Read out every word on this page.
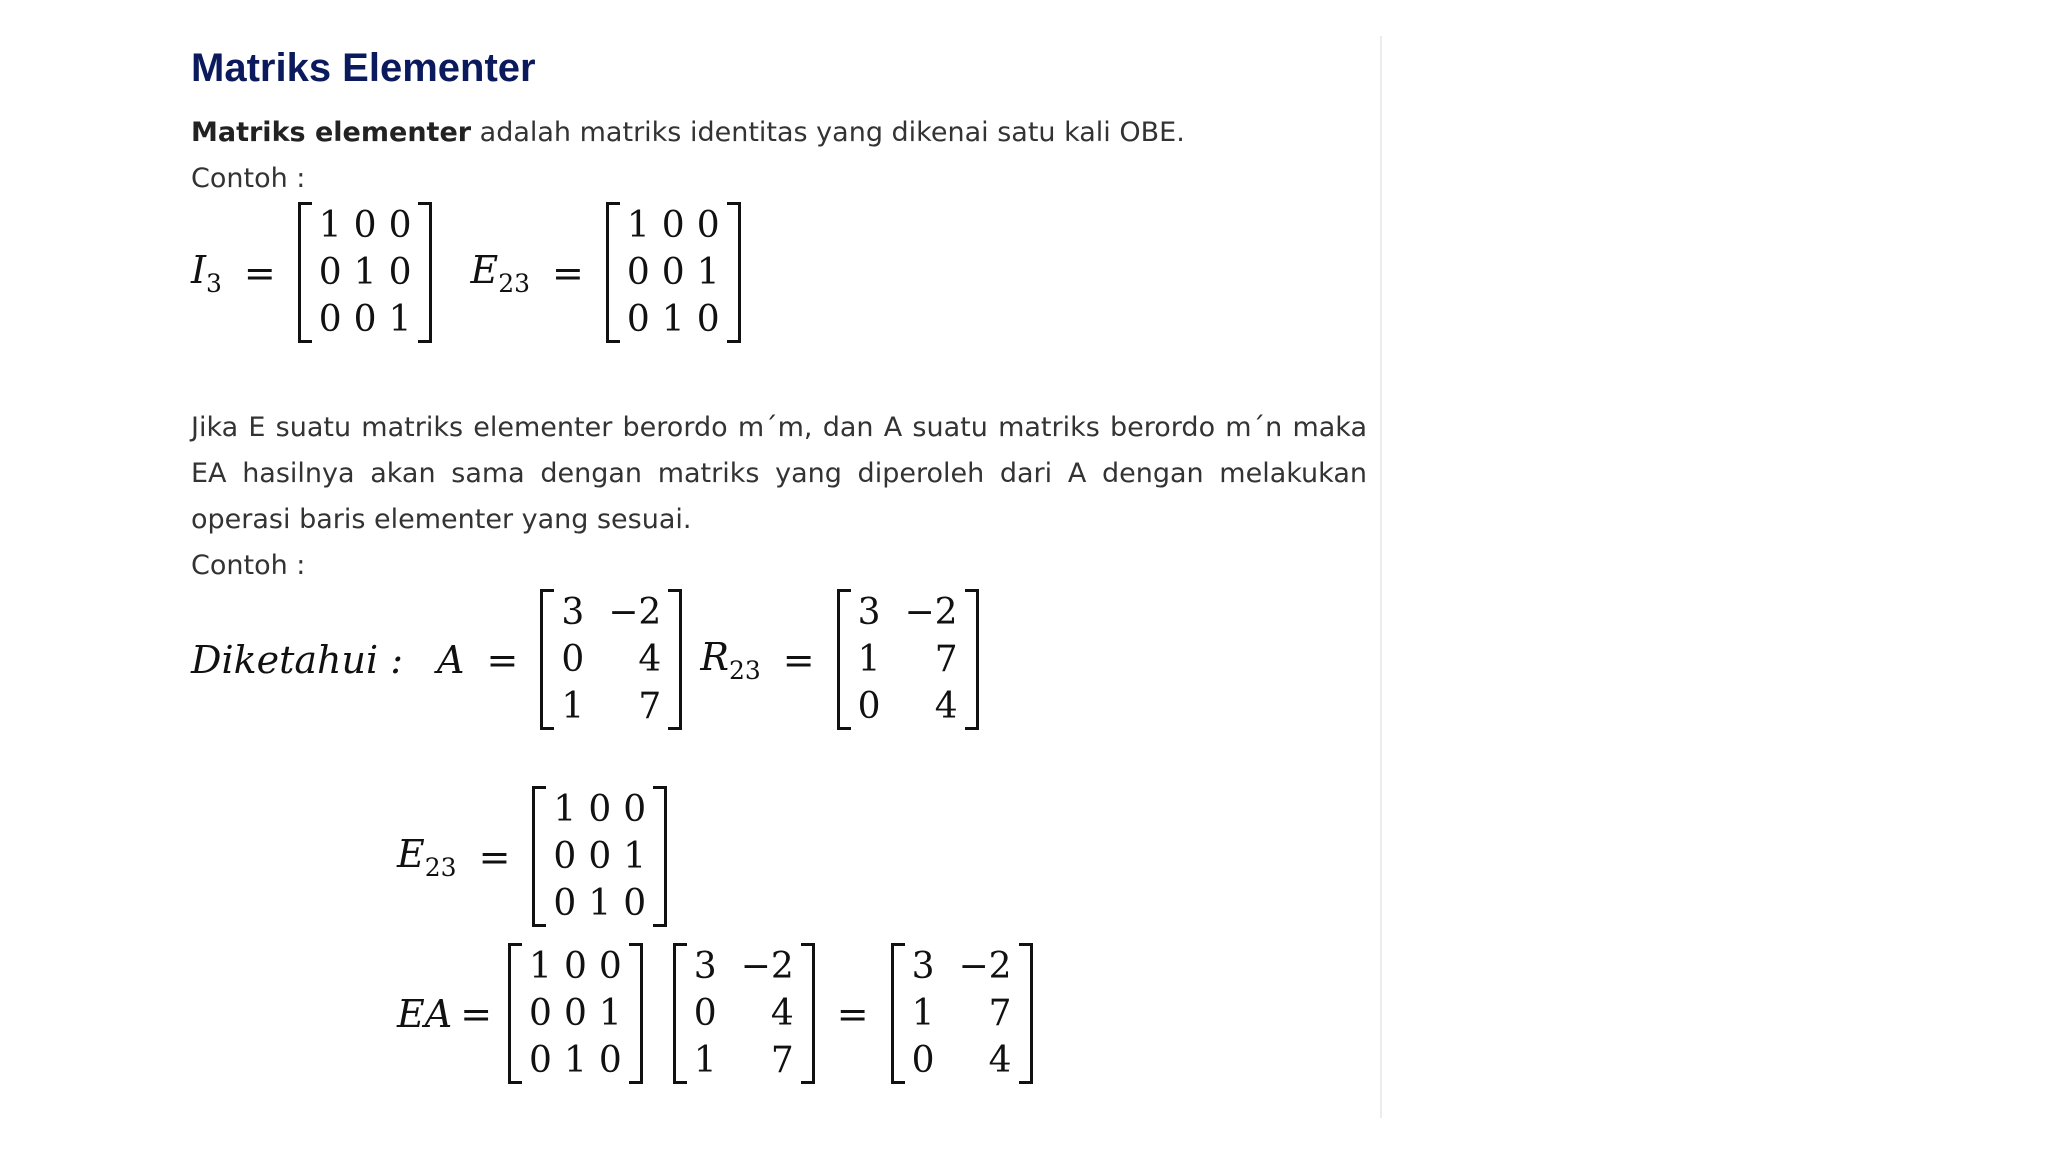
Matriks Elementer
Matriks elementer adalah matriks identitas yang dikenai satu kali OBE.
Contoh :
$I_3$ =
1	0	0
0	1	0
0	0	1
$E_{23}$ =
1	0	0
0	0	1
0	1	0
Jika E suatu matriks elementer berordo m´m, dan A suatu matriks berordo m´n maka EA hasilnya akan sama dengan matriks yang diperoleh dari A dengan melakukan operasi baris elementer yang sesuai.
Contoh :
Diketahui : A =
3	−2
0	4
1	7
$R_{23}$ =
3	−2
1	7
0	4
$E_{23}$ =
1	0	0
0	0	1
0	1	0
EA =
1	0	0
0	0	1
0	1	0
3	−2
0	4
1	7
=
3	−2
1	7
0	4
